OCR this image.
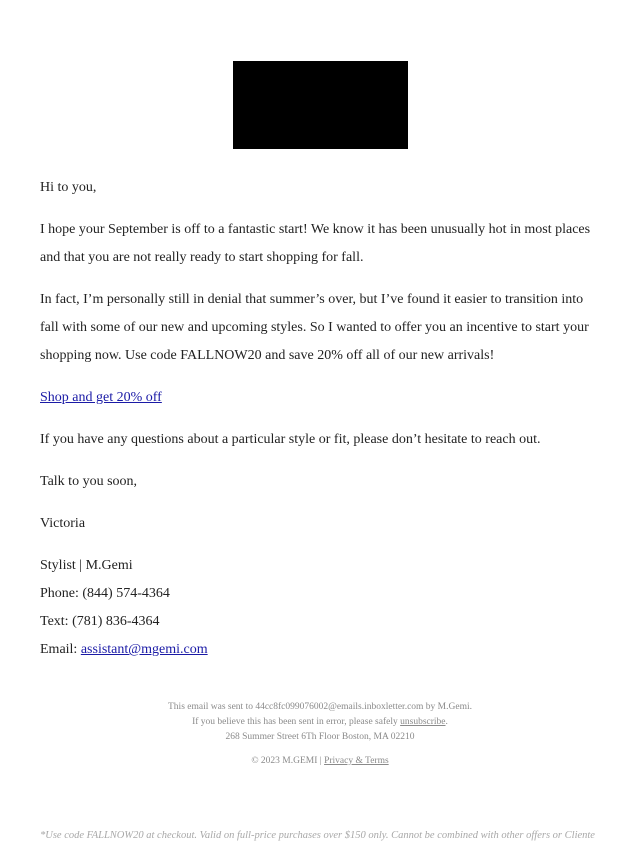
Hi to you,

I hope your September is off to a fantastic start! We know it has been unusually hot in most places and that you are not really ready to start shopping for fall.

In fact, I’m personally still in denial that summer’s over, but I’ve found it easier to transition into fall with some of our new and upcoming styles. So I wanted to offer you an incentive to start your shopping now. Use code FALLNOW20 and save 20% off all of our new arrivals!

Shop and get 20% off

If you have any questions about a particular style or fit, please don’t hesitate to reach out.

Talk to you soon,

Victoria

Stylist | M.Gemi

Phone: (844) 574-4364

Text: (781) 836-4364

Email: assistant@mgemi.com

This email was sent to 44cc8fc099076002@emails.inboxletter.com by M.Gemi.
If you believe this has been sent in error, please safely unsubscribe.
268 Summer Street 6Th Floor Boston, MA 02210
© 2023 M.GEMI | Privacy & Terms
*Use code FALLNOW20 at checkout. Valid on full-price purchases over $150 only. Cannot be combined with other offers or Cliente
